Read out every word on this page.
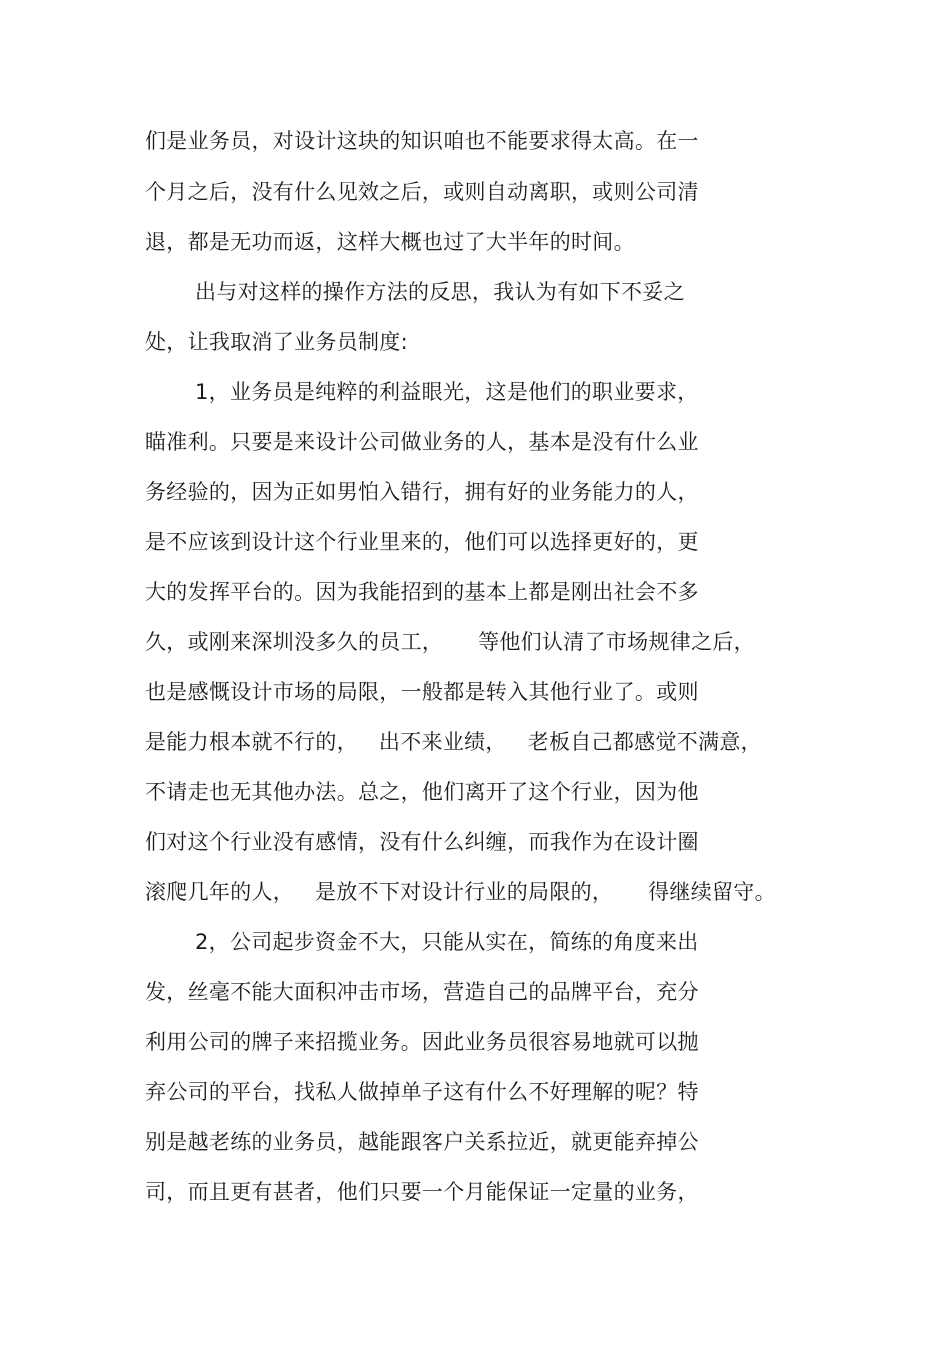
们是业务员，对设计这块的知识咱也不能要求得太高。在一
个月之后，没有什么见效之后，或则自动离职，或则公司清
退，都是无功而返，这样大概也过了大半年的时间。
出与对这样的操作方法的反思，我认为有如下不妥之
处，让我取消了业务员制度:
1，业务员是纯粹的利益眼光，这是他们的职业要求，
瞄准利。只要是来设计公司做业务的人，基本是没有什么业
务经验的，因为正如男怕入错行，拥有好的业务能力的人，
是不应该到设计这个行业里来的，他们可以选择更好的，更
大的发挥平台的。因为我能招到的基本上都是刚出社会不多
久，或刚来深圳没多久的员工，     等他们认清了市场规律之后，
也是感慨设计市场的局限，一般都是转入其他行业了。或则
是能力根本就不行的，   出不来业绩，   老板自己都感觉不满意，
不请走也无其他办法。总之，他们离开了这个行业，因为他
们对这个行业没有感情，没有什么纠缠，而我作为在设计圈
滚爬几年的人，   是放不下对设计行业的局限的，     得继续留守。
2，公司起步资金不大，只能从实在，简练的角度来出
发，丝毫不能大面积冲击市场，营造自己的品牌平台，充分
利用公司的牌子来招揽业务。因此业务员很容易地就可以抛
弃公司的平台，找私人做掉单子这有什么不好理解的呢？特
别是越老练的业务员，越能跟客户关系拉近，就更能弃掉公
司，而且更有甚者，他们只要一个月能保证一定量的业务，
